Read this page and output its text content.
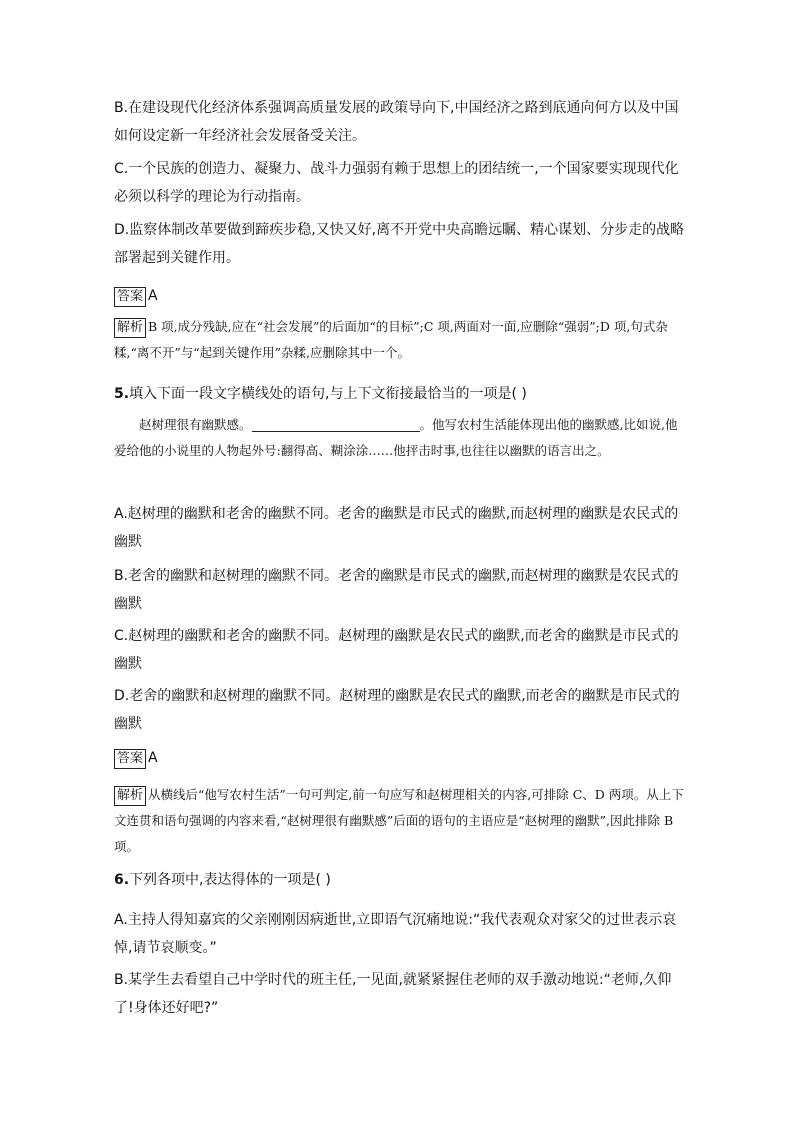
B.在建设现代化经济体系强调高质量发展的政策导向下,中国经济之路到底通向何方以及中国如何设定新一年经济社会发展备受关注。

C.一个民族的创造力、凝聚力、战斗力强弱有赖于思想上的团结统一,一个国家要实现现代化必须以科学的理论为行动指南。

D.监察体制改革要做到蹄疾步稳,又快又好,离不开党中央高瞻远瞩、精心谋划、分步走的战略部署起到关键作用。

答案 A

解析 B 项,成分残缺,应在“社会发展”的后面加“的目标”;C 项,两面对一面,应删除“强弱”;D 项,句式杂糅,“离不开”与“起到关键作用”杂糅,应删除其中一个。

5.填入下面一段文字横线处的语句,与上下文衔接最恰当的一项是( )

赵树理很有幽默感。	。他写农村生活能体现出他的幽默感,比如说,他爱给他的小说里的人物起外号:翻得高、糊涂涂……他抨击时事,也往往以幽默的语言出之。

A.赵树理的幽默和老舍的幽默不同。老舍的幽默是市民式的幽默,而赵树理的幽默是农民式的幽默

B.老舍的幽默和赵树理的幽默不同。老舍的幽默是市民式的幽默,而赵树理的幽默是农民式的幽默

C.赵树理的幽默和老舍的幽默不同。赵树理的幽默是农民式的幽默,而老舍的幽默是市民式的幽默

D.老舍的幽默和赵树理的幽默不同。赵树理的幽默是农民式的幽默,而老舍的幽默是市民式的幽默

答案 A

解析 从横线后“他写农村生活”一句可判定,前一句应写和赵树理相关的内容,可排除 C、D 两项。从上下文连贯和语句强调的内容来看,“赵树理很有幽默感”后面的语句的主语应是“赵树理的幽默”,因此排除 B 项。

6.下列各项中,表达得体的一项是( )

A.主持人得知嘉宾的父亲刚刚因病逝世,立即语气沉痛地说:“我代表观众对家父的过世表示哀悼,请节哀顺变。”

B.某学生去看望自己中学时代的班主任,一见面,就紧紧握住老师的双手激动地说:“老师,久仰了!身体还好吧?”
